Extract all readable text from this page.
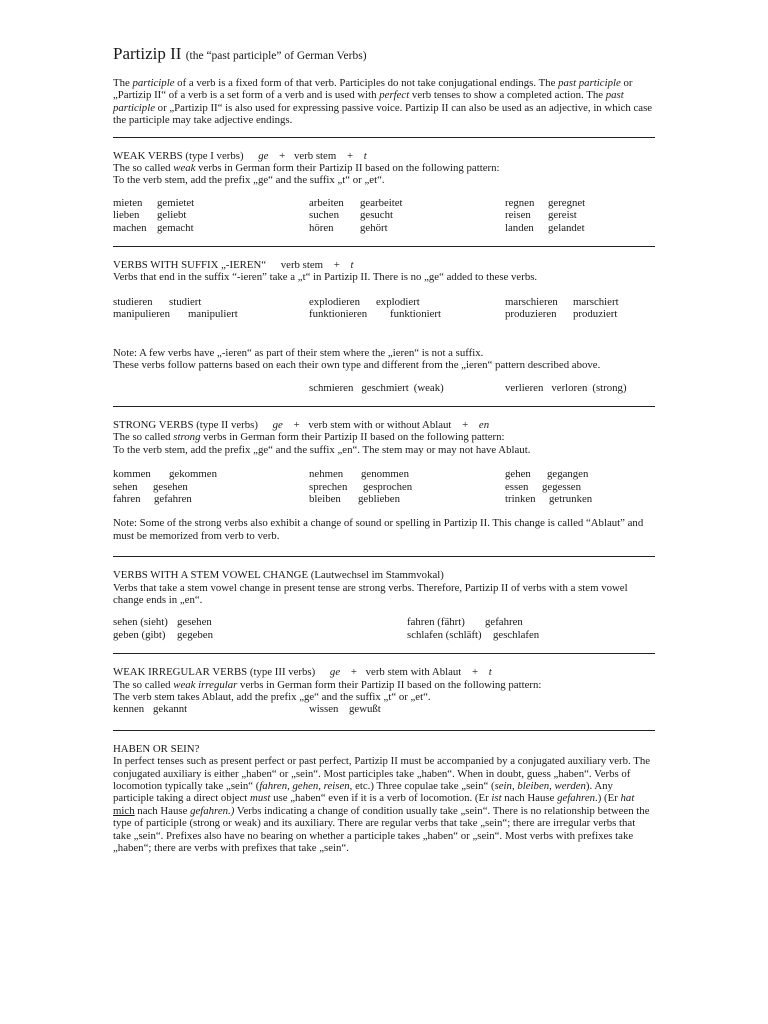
Partizip II (the “past participle” of German Verbs)

The participle of a verb is a fixed form of that verb. Participles do not take conjugational endings. The past participle or „Partizip II“ of a verb is a set form of a verb and is used with perfect verb tenses to show a completed action. The past participle or „Partizip II“ is also used for expressing passive voice. Partizip II can also be used as an adjective, in which case the participle may take adjective endings.

WEAK VERBS (type I verbs) ge + verb stem + t

The so called weak verbs in German form their Partizip II based on the following pattern:

To the verb stem, add the prefix „ge“ and the suffix „t“ or „et“.

mieten gemietet	arbeiten gearbeitet	regnen geregnet
lieben geliebt	suchen gesucht	reisen gereist
machen gemacht	hören gehört	landen gelandet
VERBS WITH SUFFIX „-IEREN“ verb stem + t

Verbs that end in the suffix “-ieren” take a „t“ in Partizip II. There is no „ge“ added to these verbs.

studieren studiert	explodieren explodiert	marschieren marschiert
manipulieren manipuliert	funktionieren funktioniert	produzieren produziert

Note: A few verbs have „-ieren“ as part of their stem where the „ieren“ is not a suffix.

These verbs follow patterns based on each their own type and different from the „ieren“ pattern described above.

schmieren geschmiert (weak)	verlieren verloren (strong)
STRONG VERBS (type II verbs) ge + verb stem with or without Ablaut + en

The so called strong verbs in German form their Partizip II based on the following pattern:

To the verb stem, add the prefix „ge“ and the suffix „en“. The stem may or may not have Ablaut.

kommen gekommen	nehmen genommen	gehen gegangen
sehen gesehen	sprechen gesprochen	essen gegessen
fahren gefahren	bleiben geblieben	trinken getrunken

Note: Some of the strong verbs also exhibit a change of sound or spelling in Partizip II. This change is called “Ablaut” and must be memorized from verb to verb.

VERBS WITH A STEM VOWEL CHANGE (Lautwechsel im Stammvokal)

Verbs that take a stem vowel change in present tense are strong verbs. Therefore, Partizip II of verbs with a stem vowel change ends in „en“.

sehen (sieht) gesehen	fahren (fährt) gefahren
geben (gibt) gegeben	schlafen (schläft) geschlafen
WEAK IRREGULAR VERBS (type III verbs) ge + verb stem with Ablaut + t

The so called weak irregular verbs in German form their Partizip II based on the following pattern:

The verb stem takes Ablaut, add the prefix „ge“ and the suffix „t“ or „et“.

kennen gekannt	wissen gewußt
HABEN OR SEIN?

In perfect tenses such as present perfect or past perfect, Partizip II must be accompanied by a conjugated auxiliary verb. The conjugated auxiliary is either „haben“ or „sein“. Most participles take „haben“. When in doubt, guess „haben“. Verbs of locomotion typically take „sein“ (fahren, gehen, reisen, etc.) Three copulae take „sein“ (sein, bleiben, werden). Any participle taking a direct object must use „haben“ even if it is a verb of locomotion. (Er ist nach Hause gefahren.) (Er hat mich nach Hause gefahren.) Verbs indicating a change of condition usually take „sein“. There is no relationship between the type of participle (strong or weak) and its auxiliary. There are regular verbs that take „sein“; there are irregular verbs that take „sein“. Prefixes also have no bearing on whether a participle takes „haben“ or „sein“. Most verbs with prefixes take „haben“; there are verbs with prefixes that take „sein“.
